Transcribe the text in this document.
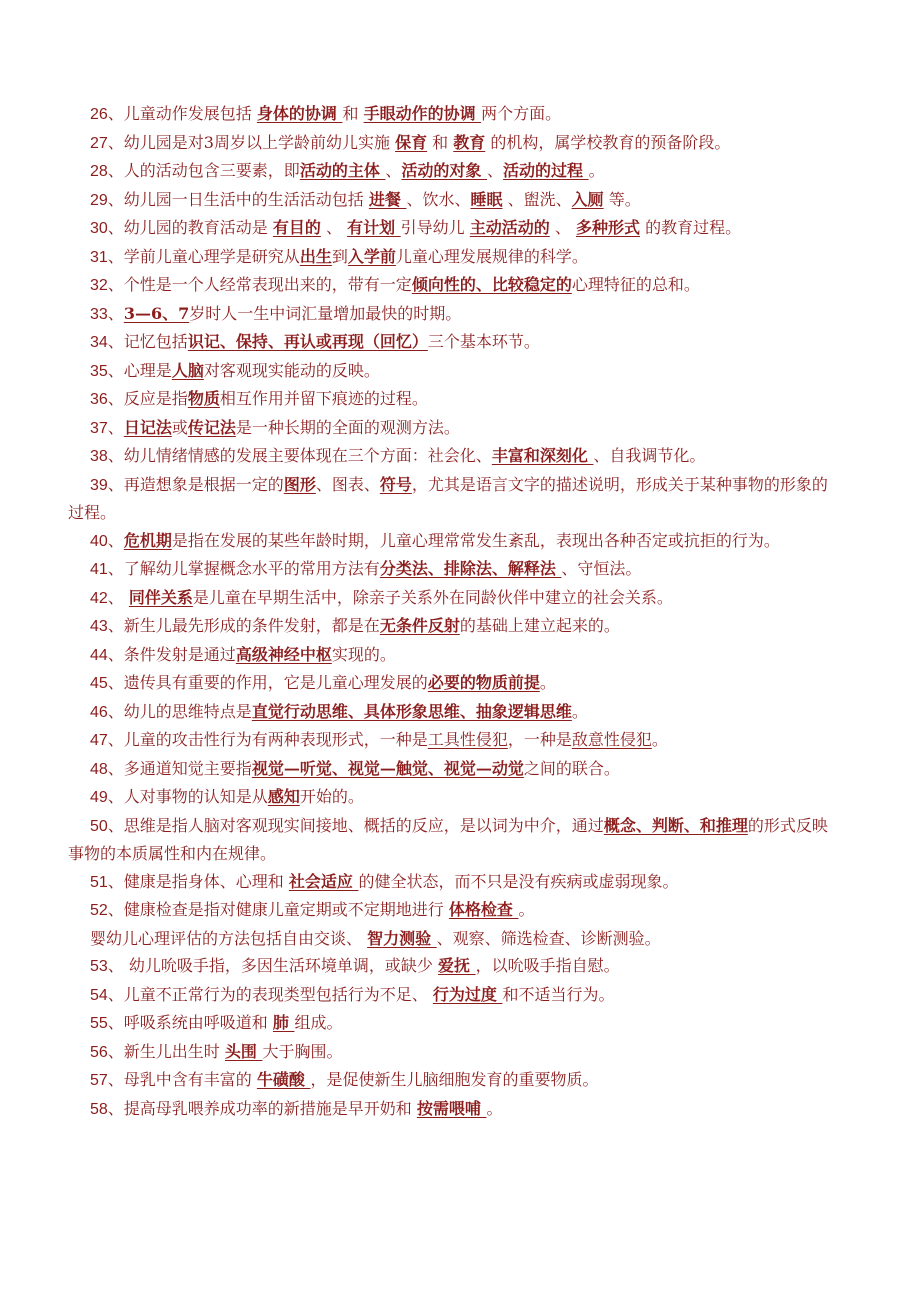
26、儿童动作发展包括 身体的协调 和 手眼动作的协调 两个方面。

27、幼儿园是对3周岁以上学龄前幼儿实施 保育 和 教育 的机构，属学校教育的预备阶段。

28、人的活动包含三要素，即活动的主体 、活动的对象 、活动的过程 。

29、幼儿园一日生活中的生活活动包括 进餐 、饮水、睡眠 、盥洗、入厕 等。

30、幼儿园的教育活动是 有目的 、 有计划 引导幼儿 主动活动的 、 多种形式 的教育过程。

31、学前儿童心理学是研究从出生到入学前儿童心理发展规律的科学。

32、个性是一个人经常表现出来的，带有一定倾向性的、比较稳定的心理特征的总和。

33、3—6、7岁时人一生中词汇量增加最快的时期。

34、记忆包括识记、保持、再认或再现（回忆）三个基本环节。

35、心理是人脑对客观现实能动的反映。

36、反应是指物质相互作用并留下痕迹的过程。

37、日记法或传记法是一种长期的全面的观测方法。

38、幼儿情绪情感的发展主要体现在三个方面：社会化、丰富和深刻化 、自我调节化。

39、再造想象是根据一定的图形、图表、符号，尤其是语言文字的描述说明，形成关于某种事物的形象的过程。

40、危机期是指在发展的某些年龄时期，儿童心理常常发生紊乱，表现出各种否定或抗拒的行为。

41、了解幼儿掌握概念水平的常用方法有分类法、排除法、解释法 、守恒法。

42、 同伴关系是儿童在早期生活中，除亲子关系外在同龄伙伴中建立的社会关系。

43、新生儿最先形成的条件发射，都是在无条件反射的基础上建立起来的。

44、条件发射是通过高级神经中枢实现的。

45、遗传具有重要的作用，它是儿童心理发展的必要的物质前提。

46、幼儿的思维特点是直觉行动思维、具体形象思维、抽象逻辑思维。

47、儿童的攻击性行为有两种表现形式，一种是工具性侵犯，一种是敌意性侵犯。

48、多通道知觉主要指视觉—听觉、视觉—触觉、视觉—动觉之间的联合。

49、人对事物的认知是从感知开始的。

50、思维是指人脑对客观现实间接地、概括的反应，是以词为中介，通过概念、判断、和推理的形式反映事物的本质属性和内在规律。

51、健康是指身体、心理和 社会适应 的健全状态，而不只是没有疾病或虚弱现象。

52、健康检查是指对健康儿童定期或不定期地进行 体格检查 。

婴幼儿心理评估的方法包括自由交谈、 智力测验 、观察、筛选检查、诊断测验。

53、 幼儿吮吸手指，多因生活环境单调，或缺少 爱抚 ，以吮吸手指自慰。

54、儿童不正常行为的表现类型包括行为不足、 行为过度 和不适当行为。

55、呼吸系统由呼吸道和 肺 组成。

56、新生儿出生时 头围 大于胸围。

57、母乳中含有丰富的 牛磺酸 ，是促使新生儿脑细胞发育的重要物质。

58、提高母乳喂养成功率的新措施是早开奶和 按需喂哺 。
